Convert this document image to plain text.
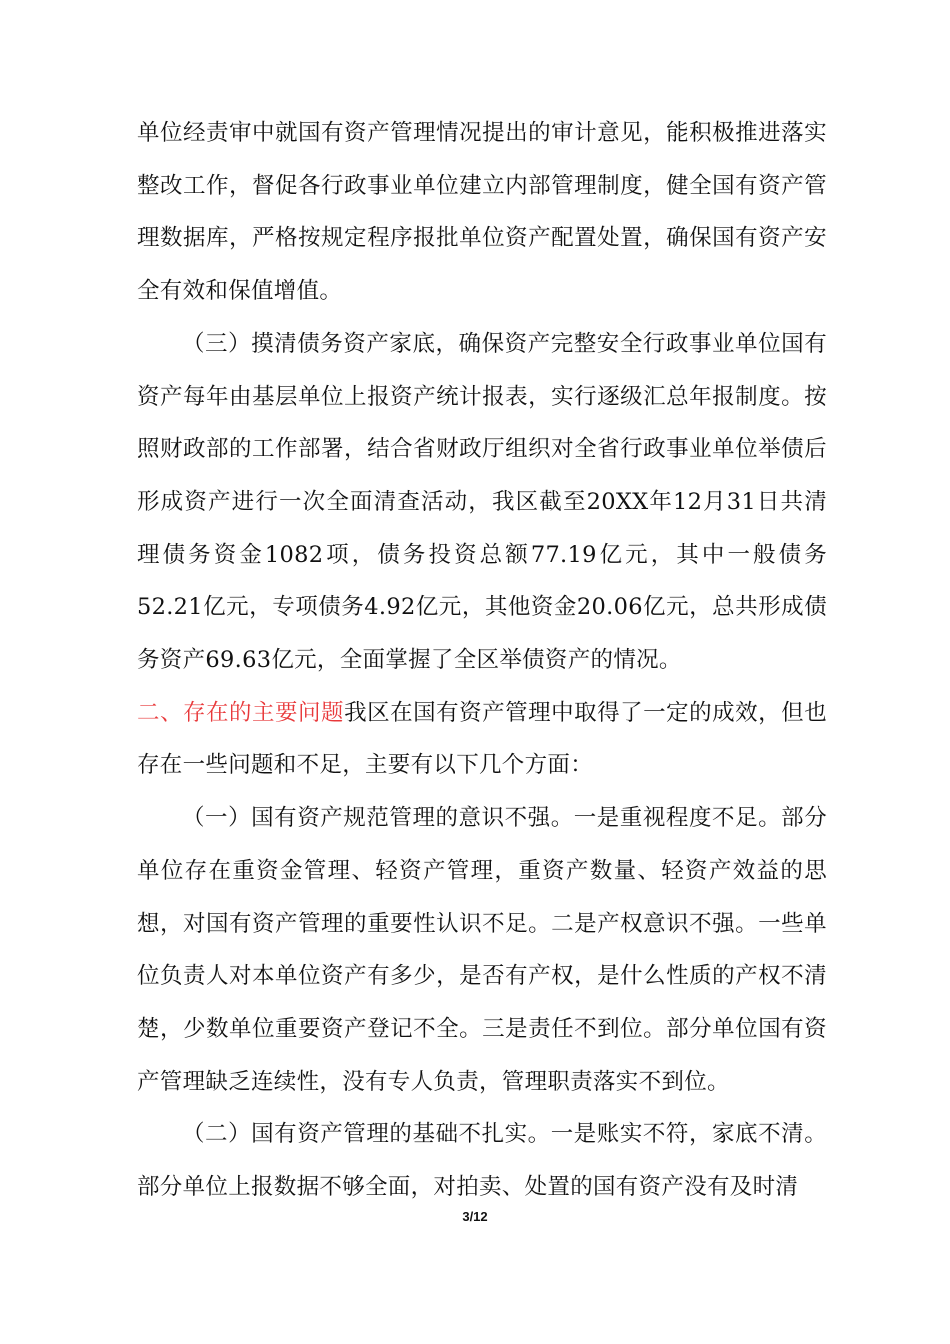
单位经责审中就国有资产管理情况提出的审计意见，能积极推进落实整改工作，督促各行政事业单位建立内部管理制度，健全国有资产管理数据库，严格按规定程序报批单位资产配置处置，确保国有资产安全有效和保值增值。

（三）摸清债务资产家底，确保资产完整安全行政事业单位国有资产每年由基层单位上报资产统计报表，实行逐级汇总年报制度。按照财政部的工作部署，结合省财政厅组织对全省行政事业单位举债后形成资产进行一次全面清查活动，我区截至20XX年12月31日共清理债务资金1082项，债务投资总额77.19亿元，其中一般债务52.21亿元，专项债务4.92亿元，其他资金20.06亿元，总共形成债务资产69.63亿元，全面掌握了全区举债资产的情况。

二、存在的主要问题我区在国有资产管理中取得了一定的成效，但也存在一些问题和不足，主要有以下几个方面：

（一）国有资产规范管理的意识不强。一是重视程度不足。部分单位存在重资金管理、轻资产管理，重资产数量、轻资产效益的思想，对国有资产管理的重要性认识不足。二是产权意识不强。一些单位负责人对本单位资产有多少，是否有产权，是什么性质的产权不清楚，少数单位重要资产登记不全。三是责任不到位。部分单位国有资产管理缺乏连续性，没有专人负责，管理职责落实不到位。

（二）国有资产管理的基础不扎实。一是账实不符，家底不清。部分单位上报数据不够全面，对拍卖、处置的国有资产没有及时清

3/12
